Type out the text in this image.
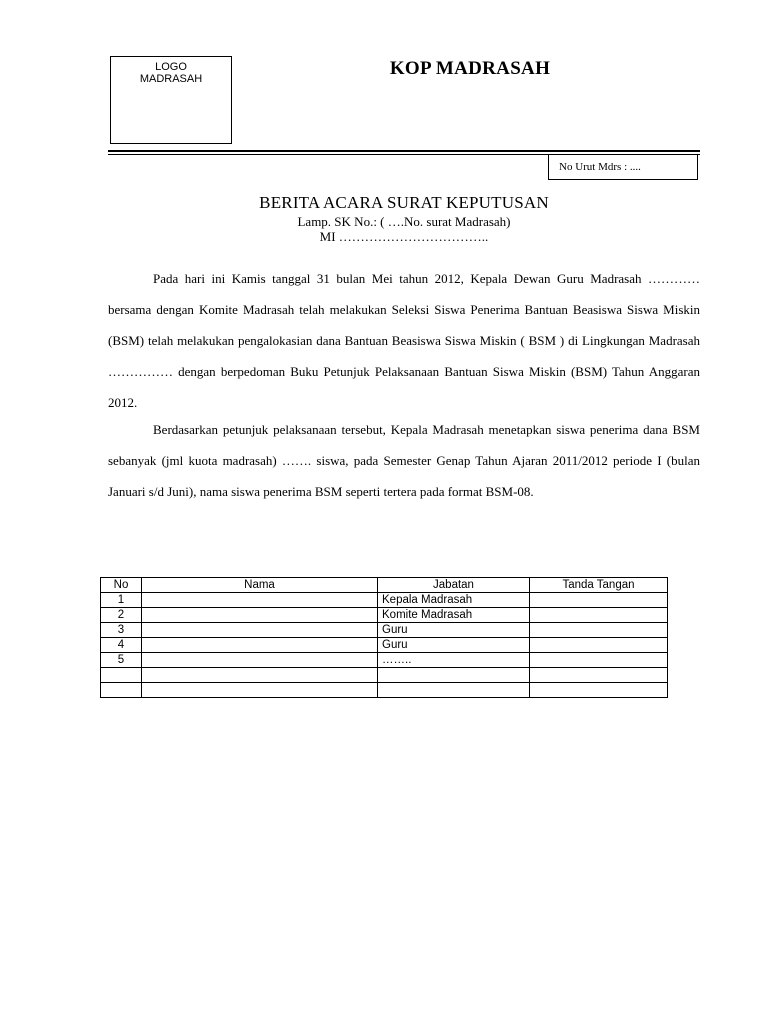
LOGO
MADRASAH	KOP MADRASAH
No Urut Mdrs : ....
BERITA ACARA SURAT KEPUTUSAN
Lamp. SK No.: ( ….No. surat Madrasah)
MI ……………………………..

Pada hari ini Kamis tanggal 31 bulan Mei tahun 2012, Kepala Dewan Guru Madrasah ………… bersama dengan Komite Madrasah telah melakukan Seleksi Siswa Penerima Bantuan Beasiswa Siswa Miskin (BSM) telah melakukan pengalokasian dana Bantuan Beasiswa Siswa Miskin ( BSM ) di Lingkungan Madrasah …………… dengan berpedoman Buku Petunjuk Pelaksanaan Bantuan Siswa Miskin (BSM) Tahun Anggaran 2012.

Berdasarkan petunjuk pelaksanaan tersebut, Kepala Madrasah menetapkan siswa penerima dana BSM sebanyak (jml kuota madrasah) ……. siswa, pada Semester Genap Tahun Ajaran 2011/2012 periode I (bulan Januari s/d Juni), nama siswa penerima BSM seperti tertera pada format BSM-08.

No	Nama	Jabatan	Tanda Tangan
1		Kepala Madrasah	
2		Komite Madrasah	
3		Guru	
4		Guru	
5		……..	
